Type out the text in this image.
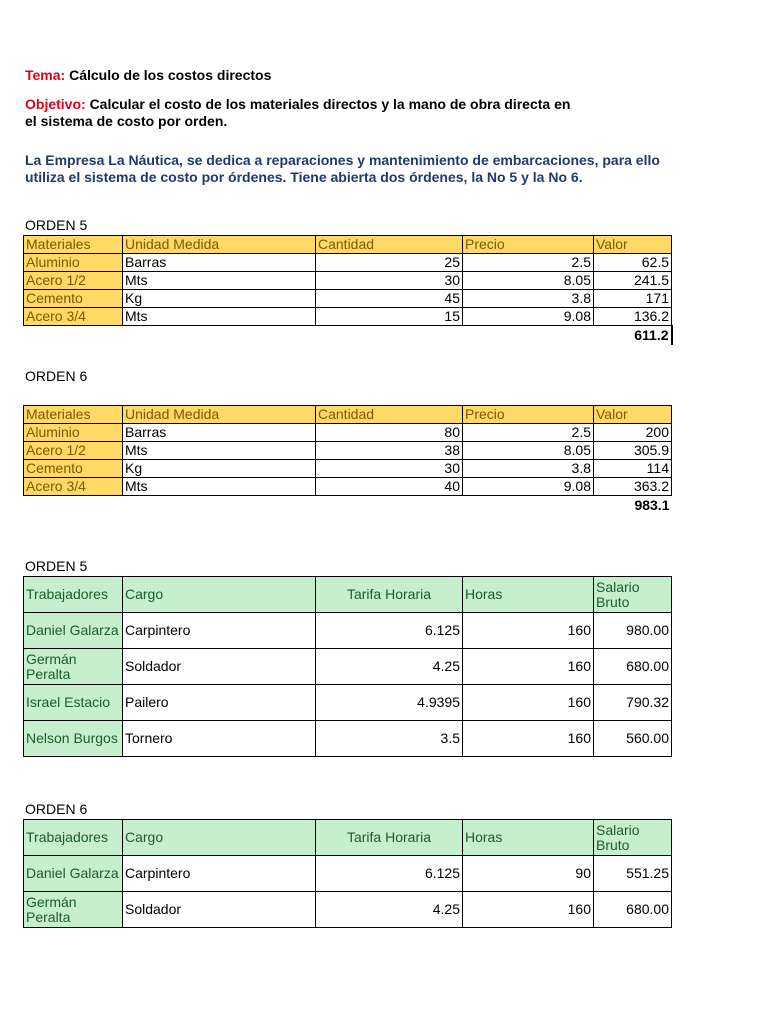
Tema: Cálculo de los costos directos
Objetivo: Calcular el costo de los materiales directos y la mano de obra directa en el sistema de costo por orden.
La Empresa La Náutica, se dedica a reparaciones y mantenimiento de embarcaciones, para ello utiliza el sistema de costo por órdenes. Tiene abierta dos órdenes, la No 5 y la No 6.
ORDEN 5
Materiales	Unidad Medida	Cantidad	Precio	Valor
Aluminio	Barras	25	2.5	62.5
Acero 1/2	Mts	30	8.05	241.5
Cemento	Kg	45	3.8	171
Acero 3/4	Mts	15	9.08	136.2
				611.2
ORDEN 6
Materiales	Unidad Medida	Cantidad	Precio	Valor
Aluminio	Barras	80	2.5	200
Acero 1/2	Mts	38	8.05	305.9
Cemento	Kg	30	3.8	114
Acero 3/4	Mts	40	9.08	363.2
				983.1
ORDEN 5
Trabajadores	Cargo	Tarifa Horaria	Horas	Salario Bruto
Daniel Galarza	Carpintero	6.125	160	980.00
Germán Peralta	Soldador	4.25	160	680.00
Israel Estacio	Pailero	4.9395	160	790.32
Nelson Burgos	Tornero	3.5	160	560.00
ORDEN 6
Trabajadores	Cargo	Tarifa Horaria	Horas	Salario Bruto
Daniel Galarza	Carpintero	6.125	90	551.25
Germán Peralta	Soldador	4.25	160	680.00
